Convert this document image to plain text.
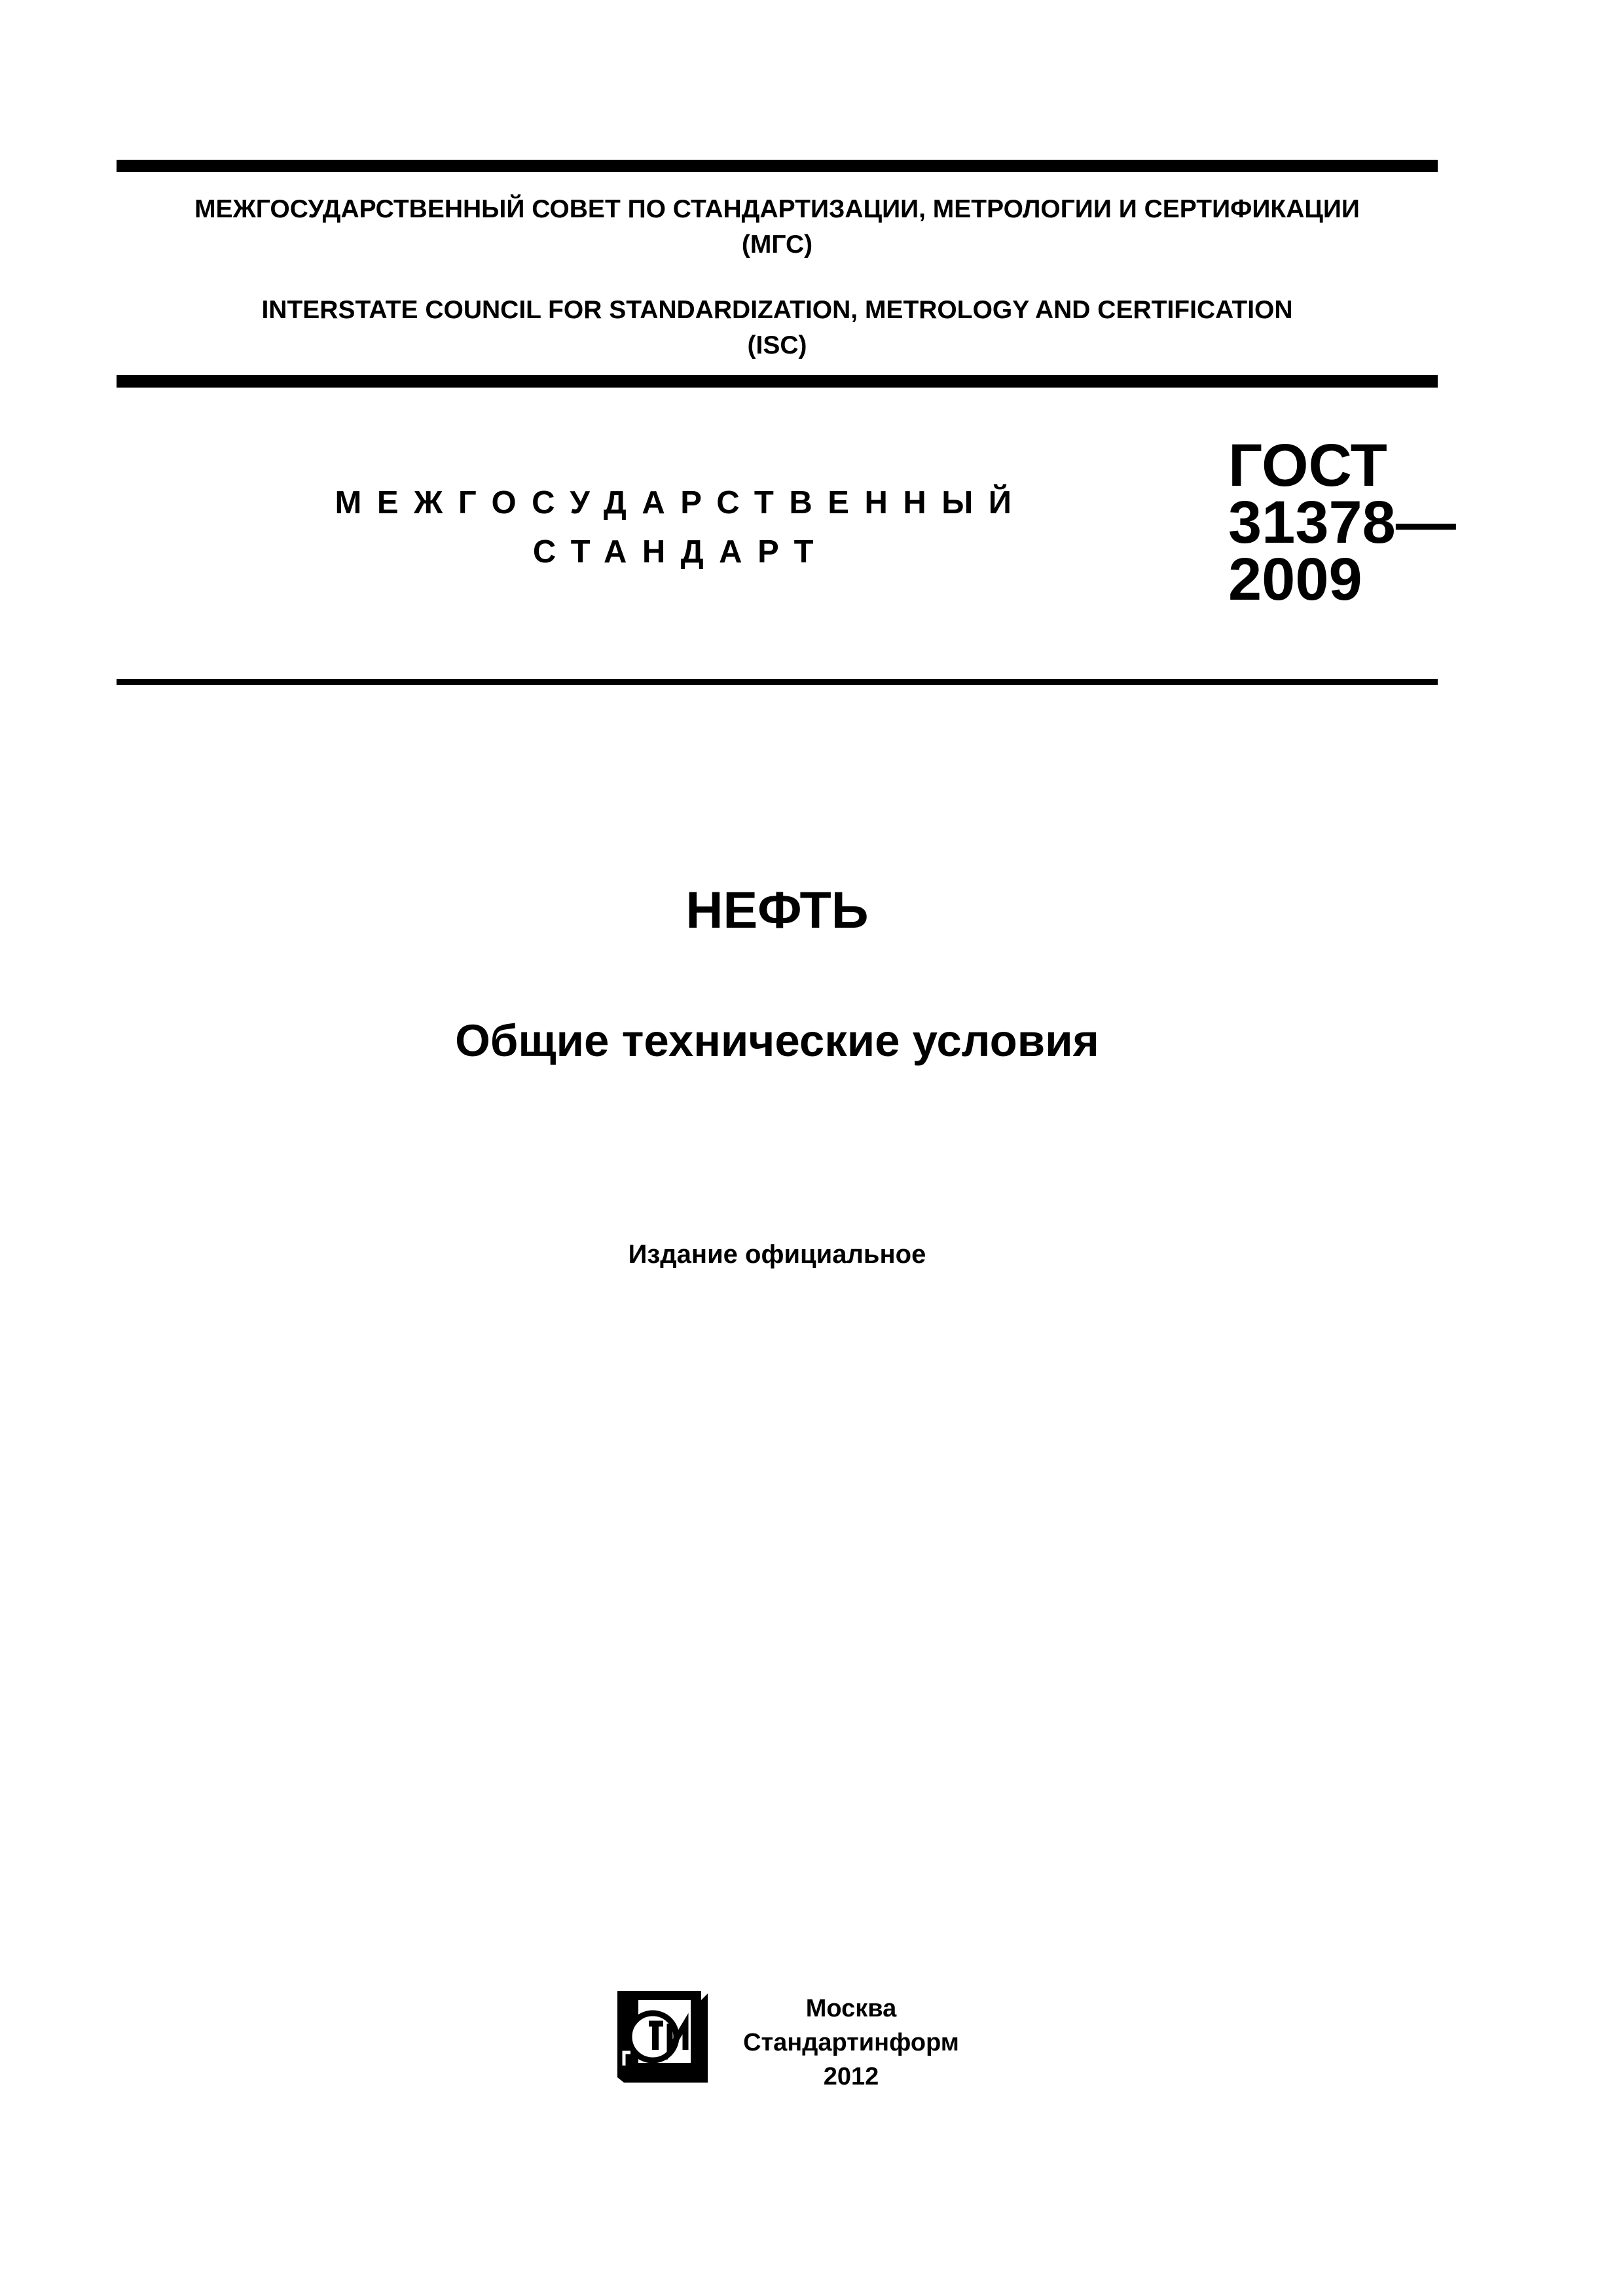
МЕЖГОСУДАРСТВЕННЫЙ СОВЕТ ПО СТАНДАРТИЗАЦИИ, МЕТРОЛОГИИ И СЕРТИФИКАЦИИ
(МГС)
INTERSTATE COUNCIL FOR STANDARDIZATION, METROLOGY AND CERTIFICATION
(ISC)
МЕЖГОСУДАРСТВЕННЫЙ
СТАНДАРТ
ГОСТ
31378—
2009
НЕФТЬ
Общие технические условия
Издание официальное
Москва
Стандартинформ
2012
